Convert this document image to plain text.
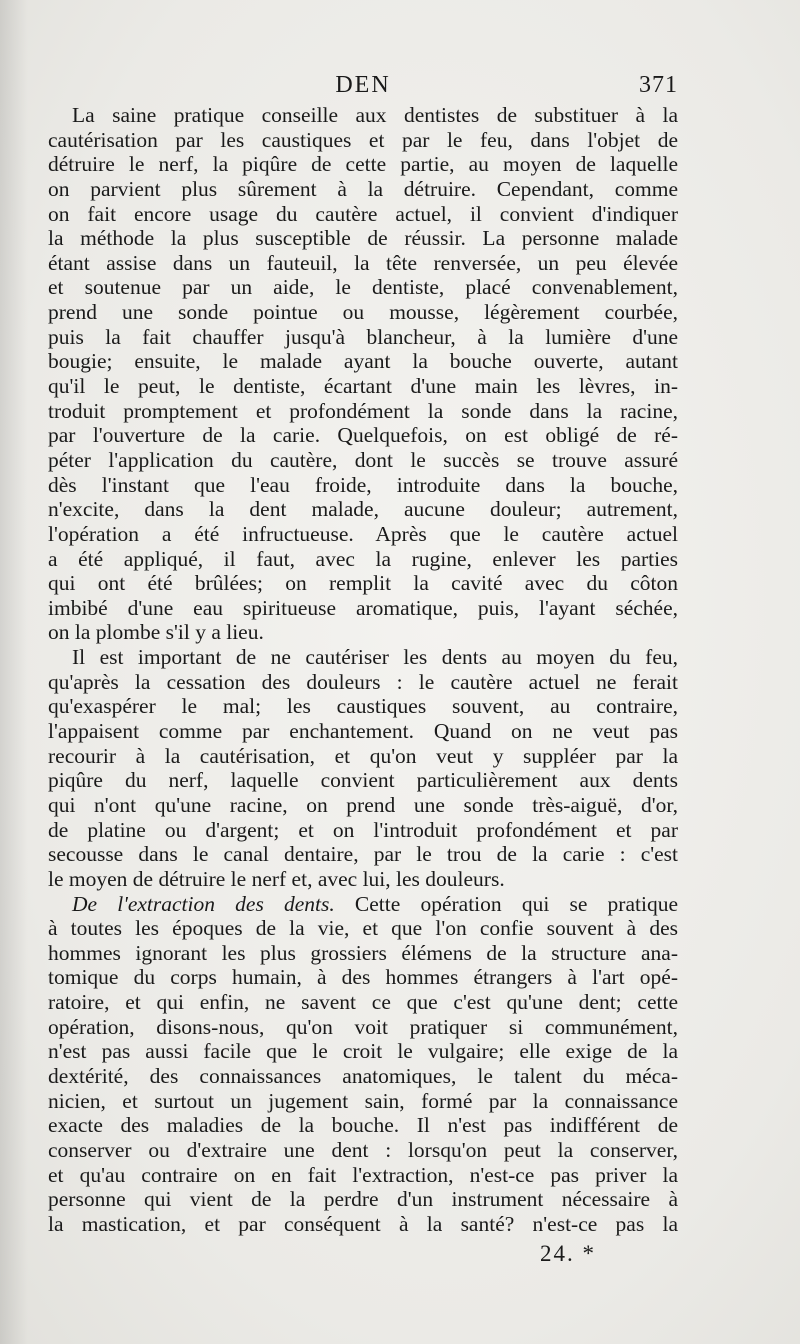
DEN	371
La saine pratique conseille aux dentistes de substituer à la
cautérisation par les caustiques et par le feu, dans l'objet de
détruire le nerf, la piqûre de cette partie, au moyen de laquelle
on parvient plus sûrement à la détruire. Cependant, comme
on fait encore usage du cautère actuel, il convient d'indiquer
la méthode la plus susceptible de réussir. La personne malade
étant assise dans un fauteuil, la tête renversée, un peu élevée
et soutenue par un aide, le dentiste, placé convenablement,
prend une sonde pointue ou mousse, légèrement courbée,
puis la fait chauffer jusqu'à blancheur, à la lumière d'une
bougie; ensuite, le malade ayant la bouche ouverte, autant
qu'il le peut, le dentiste, écartant d'une main les lèvres, in-
troduit promptement et profondément la sonde dans la racine,
par l'ouverture de la carie. Quelquefois, on est obligé de ré-
péter l'application du cautère, dont le succès se trouve assuré
dès l'instant que l'eau froide, introduite dans la bouche,
n'excite, dans la dent malade, aucune douleur; autrement,
l'opération a été infructueuse. Après que le cautère actuel
a été appliqué, il faut, avec la rugine, enlever les parties
qui ont été brûlées; on remplit la cavité avec du côton
imbibé d'une eau spiritueuse aromatique, puis, l'ayant séchée,
on la plombe s'il y a lieu.
Il est important de ne cautériser les dents au moyen du feu,
qu'après la cessation des douleurs : le cautère actuel ne ferait
qu'exaspérer le mal; les caustiques souvent, au contraire,
l'appaisent comme par enchantement. Quand on ne veut pas
recourir à la cautérisation, et qu'on veut y suppléer par la
piqûre du nerf, laquelle convient particulièrement aux dents
qui n'ont qu'une racine, on prend une sonde très-aiguë, d'or,
de platine ou d'argent; et on l'introduit profondément et par
secousse dans le canal dentaire, par le trou de la carie : c'est
le moyen de détruire le nerf et, avec lui, les douleurs.
De l'extraction des dents. Cette opération qui se pratique
à toutes les époques de la vie, et que l'on confie souvent à des
hommes ignorant les plus grossiers élémens de la structure ana-
tomique du corps humain, à des hommes étrangers à l'art opé-
ratoire, et qui enfin, ne savent ce que c'est qu'une dent; cette
opération, disons-nous, qu'on voit pratiquer si communément,
n'est pas aussi facile que le croit le vulgaire; elle exige de la
dextérité, des connaissances anatomiques, le talent du méca-
nicien, et surtout un jugement sain, formé par la connaissance
exacte des maladies de la bouche. Il n'est pas indifférent de
conserver ou d'extraire une dent : lorsqu'on peut la conserver,
et qu'au contraire on en fait l'extraction, n'est-ce pas priver la
personne qui vient de la perdre d'un instrument nécessaire à
la mastication, et par conséquent à la santé? n'est-ce pas la
24. *
